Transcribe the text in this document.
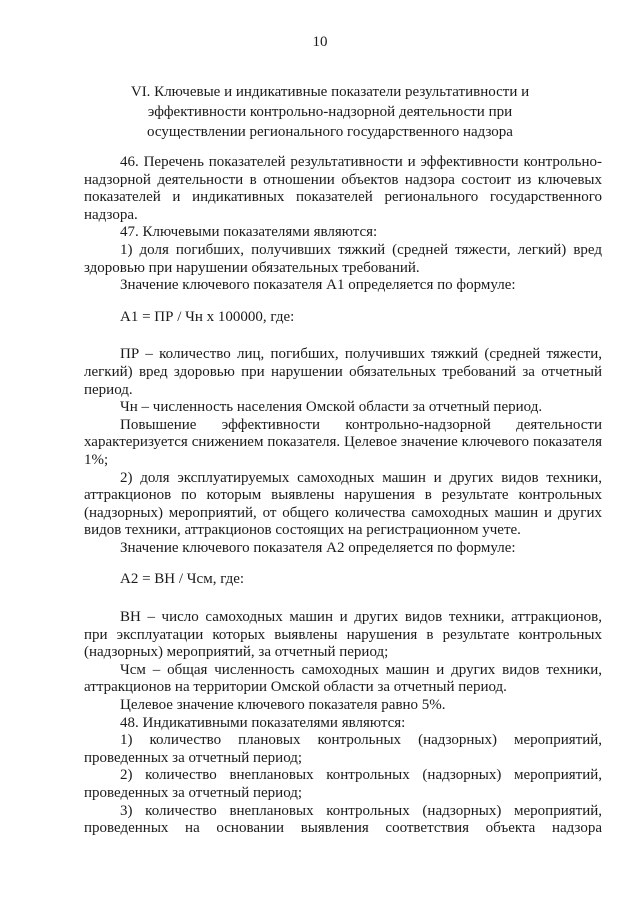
10
VI. Ключевые и индикативные показатели результативности и эффективности контрольно-надзорной деятельности при осуществлении регионального государственного надзора

46. Перечень показателей результативности и эффективности контрольно-надзорной деятельности в отношении объектов надзора состоит из ключевых показателей и индикативных показателей регионального государственного надзора.

47. Ключевыми показателями являются:

1) доля погибших, получивших тяжкий (средней тяжести, легкий) вред здоровью при нарушении обязательных требований.

Значение ключевого показателя А1 определяется по формуле:

А1 = ПР / Чн х 100000, где:

ПР – количество лиц, погибших, получивших тяжкий (средней тяжести, легкий) вред здоровью при нарушении обязательных требований за отчетный период.

Чн – численность населения Омской области за отчетный период.

Повышение эффективности контрольно-надзорной деятельности характеризуется снижением показателя. Целевое значение ключевого показателя 1%;

2) доля эксплуатируемых самоходных машин и других видов техники, аттракционов по которым выявлены нарушения в результате контрольных (надзорных) мероприятий, от общего количества самоходных машин и других видов техники, аттракционов состоящих на регистрационном учете.

Значение ключевого показателя А2 определяется по формуле:

А2 = ВН / Чсм, где:

ВН – число самоходных машин и других видов техники, аттракционов, при эксплуатации которых выявлены нарушения в результате контрольных (надзорных) мероприятий, за отчетный период;

Чсм – общая численность самоходных машин и других видов техники, аттракционов на территории Омской области за отчетный период.

Целевое значение ключевого показателя равно 5%.

48. Индикативными показателями являются:

1) количество плановых контрольных (надзорных) мероприятий, проведенных за отчетный период;

2) количество внеплановых контрольных (надзорных) мероприятий, проведенных за отчетный период;

3) количество внеплановых контрольных (надзорных) мероприятий, проведенных на основании выявления соответствия объекта надзора
